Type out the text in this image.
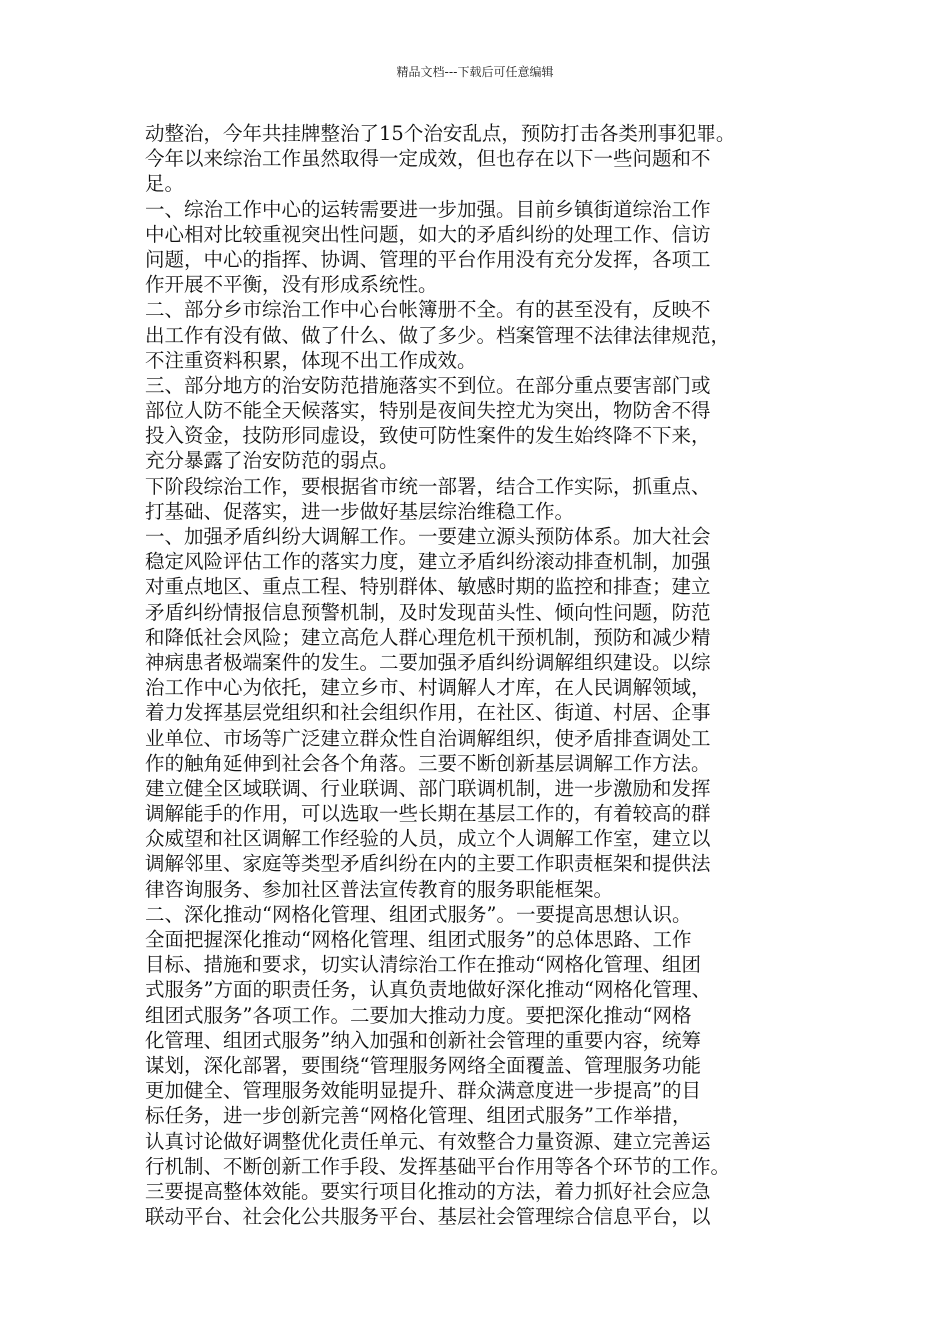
精品文档---下载后可任意编辑
动整治，今年共挂牌整治了15个治安乱点，预防打击各类刑事犯罪。
今年以来综治工作虽然取得一定成效，但也存在以下一些问题和不
足。
一、综治工作中心的运转需要进一步加强。目前乡镇街道综治工作
中心相对比较重视突出性问题，如大的矛盾纠纷的处理工作、信访
问题，中心的指挥、协调、管理的平台作用没有充分发挥，各项工
作开展不平衡，没有形成系统性。
二、部分乡市综治工作中心台帐簿册不全。有的甚至没有，反映不
出工作有没有做、做了什么、做了多少。档案管理不法律法律规范，
不注重资料积累，体现不出工作成效。
三、部分地方的治安防范措施落实不到位。在部分重点要害部门或
部位人防不能全天候落实，特别是夜间失控尤为突出，物防舍不得
投入资金，技防形同虚设，致使可防性案件的发生始终降不下来，
充分暴露了治安防范的弱点。
下阶段综治工作，要根据省市统一部署，结合工作实际，抓重点、
打基础、促落实，进一步做好基层综治维稳工作。
一、加强矛盾纠纷大调解工作。一要建立源头预防体系。加大社会
稳定风险评估工作的落实力度，建立矛盾纠纷滚动排查机制，加强
对重点地区、重点工程、特别群体、敏感时期的监控和排查；建立
矛盾纠纷情报信息预警机制，及时发现苗头性、倾向性问题，防范
和降低社会风险；建立高危人群心理危机干预机制，预防和减少精
神病患者极端案件的发生。二要加强矛盾纠纷调解组织建设。以综
治工作中心为依托，建立乡市、村调解人才库，在人民调解领域，
着力发挥基层党组织和社会组织作用，在社区、街道、村居、企事
业单位、市场等广泛建立群众性自治调解组织，使矛盾排查调处工
作的触角延伸到社会各个角落。三要不断创新基层调解工作方法。
建立健全区域联调、行业联调、部门联调机制，进一步激励和发挥
调解能手的作用，可以选取一些长期在基层工作的，有着较高的群
众威望和社区调解工作经验的人员，成立个人调解工作室，建立以
调解邻里、家庭等类型矛盾纠纷在内的主要工作职责框架和提供法
律咨询服务、参加社区普法宣传教育的服务职能框架。
二、深化推动“网格化管理、组团式服务”。一要提高思想认识。
全面把握深化推动“网格化管理、组团式服务”的总体思路、工作
目标、措施和要求，切实认清综治工作在推动“网格化管理、组团
式服务”方面的职责任务，认真负责地做好深化推动“网格化管理、
组团式服务”各项工作。二要加大推动力度。要把深化推动“网格
化管理、组团式服务”纳入加强和创新社会管理的重要内容，统筹
谋划，深化部署，要围绕“管理服务网络全面覆盖、管理服务功能
更加健全、管理服务效能明显提升、群众满意度进一步提高”的目
标任务，进一步创新完善“网格化管理、组团式服务”工作举措，
认真讨论做好调整优化责任单元、有效整合力量资源、建立完善运
行机制、不断创新工作手段、发挥基础平台作用等各个环节的工作。
三要提高整体效能。要实行项目化推动的方法，着力抓好社会应急
联动平台、社会化公共服务平台、基层社会管理综合信息平台，以
